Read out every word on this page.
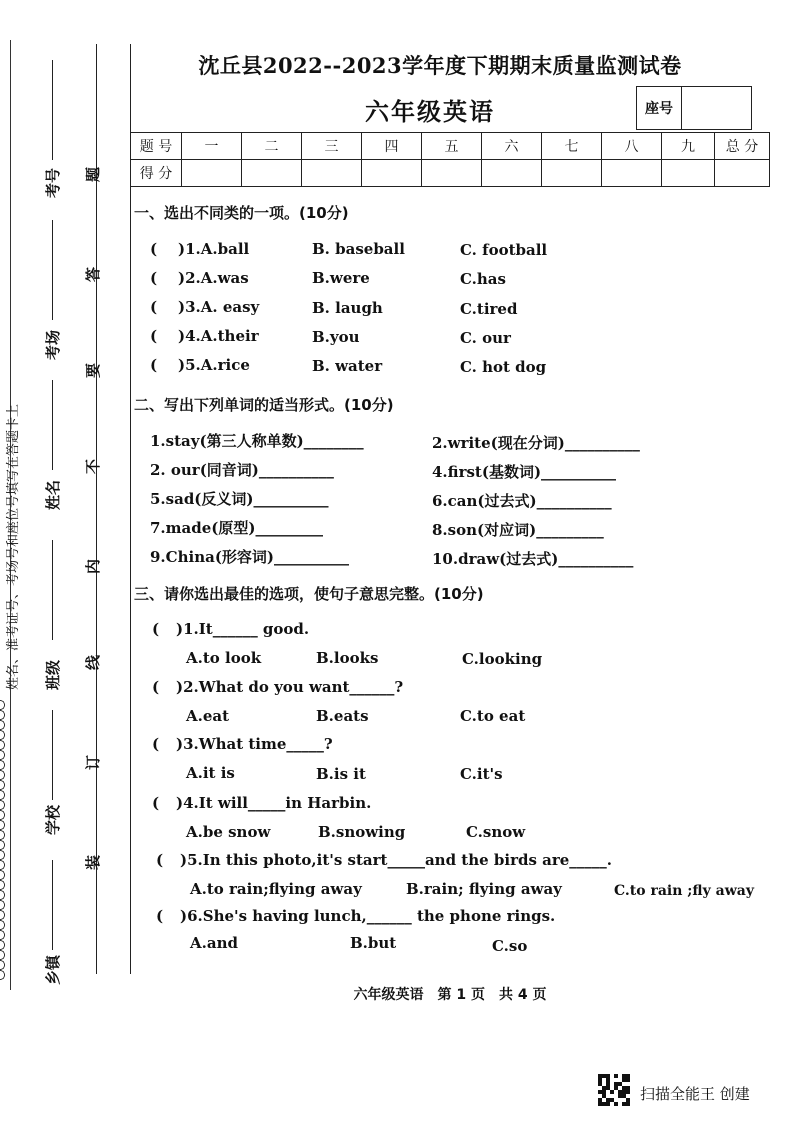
姓名、准考证号、考场号和座位号填写在答题卡上
考号
考场
姓名
班级
学校
乡镇
题
答
要
不
内
线
订
装
沈丘县2022--2023学年度下期期末质量监测试卷
六年级英语	座号
题 号	一	二	三	四	五	六	七	八	九	总 分
得 分										
一、选出不同类的一项。(10分)
( )1.A.ball	B. baseball	C. football
( )2.A.was	B.were	C.has
( )3.A. easy	B. laugh	C.tired
( )4.A.their	B.you	C. our
( )5.A.rice	B. water	C. hot dog
二、写出下列单词的适当形式。(10分)
1.stay(第三人称单数)________	2.write(现在分词)__________
2. our(同音词)__________	4.first(基数词)__________
5.sad(反义词)__________	6.can(过去式)__________
7.made(原型)_________	8.son(对应词)_________
9.China(形容词)__________	10.draw(过去式)__________
三、请你选出最佳的选项，使句子意思完整。(10分)
( )1.It______ good.
A.to look	B.looks	C.looking
( )2.What do you want______?
A.eat	B.eats	C.to eat
( )3.What time_____?
A.it is	B.is it	C.it's
( )4.It will_____in Harbin.
A.be snow	B.snowing	C.snow
( )5.In this photo,it's start_____and the birds are_____.
A.to rain;flying away	B.rain; flying away	C.to rain ;fly away
( )6.She's having lunch,______ the phone rings.
A.and	B.but	C.so
六年级英语　第 1 页　共 4 页
扫描全能王 创建
